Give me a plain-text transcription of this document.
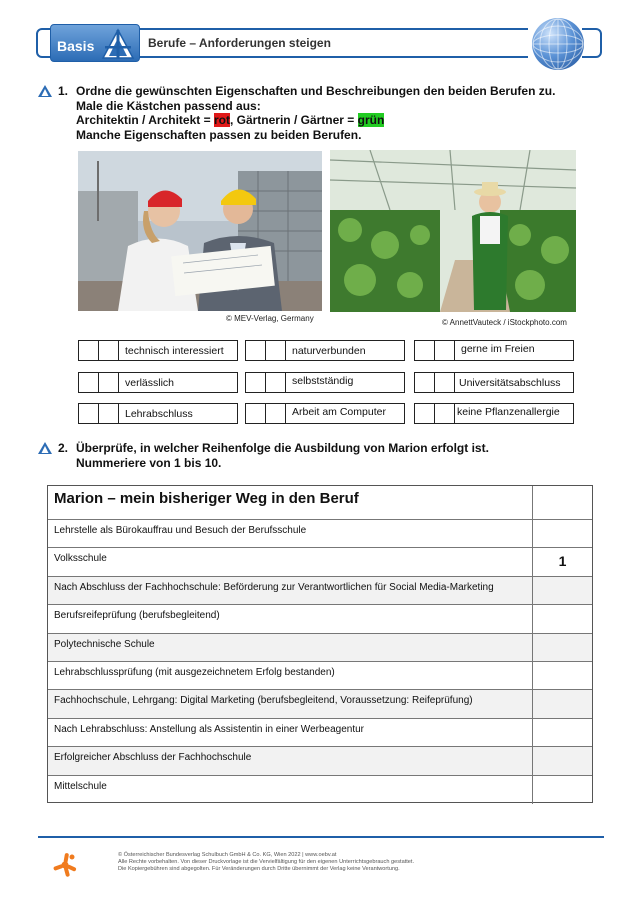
Basis	Berufe – Anforderungen steigen
1. Ordne die gewünschten Eigenschaften und Beschreibungen den beiden Berufen zu.
Male die Kästchen passend aus:
Architektin / Architekt = rot, Gärtnerin / Gärtner = grün
Manche Eigenschaften passen zu beiden Berufen.
© MEV-Verlag, Germany	© AnnettVauteck / iStockphoto.com
technisch interessiert	naturverbunden	gerne im Freien
verlässlich	selbstständig	Universitätsabschluss
Lehrabschluss	Arbeit am Computer	keine Pflanzenallergie
2. Überprüfe, in welcher Reihenfolge die Ausbildung von Marion erfolgt ist.
Nummeriere von 1 bis 10.
Marion – mein bisheriger Weg in den Beruf
Lehrstelle als Bürokauffrau und Besuch der Berufsschule
Volksschule	1
Nach Abschluss der Fachhochschule: Beförderung zur Verantwortlichen für Social Media-Marketing
Berufsreifeprüfung (berufsbegleitend)
Polytechnische Schule
Lehrabschlussprüfung (mit ausgezeichnetem Erfolg bestanden)
Fachhochschule, Lehrgang: Digital Marketing (berufsbegleitend, Voraussetzung: Reifeprüfung)
Nach Lehrabschluss: Anstellung als Assistentin in einer Werbeagentur
Erfolgreicher Abschluss der Fachhochschule
Mittelschule
© Österreichischer Bundesverlag Schulbuch GmbH & Co. KG, Wien 2022 | www.oebv.at
Alle Rechte vorbehalten. Von dieser Druckvorlage ist die Vervielfältigung für den eigenen Unterrichtsgebrauch gestattet.
Die Kopiergebühren sind abgegolten. Für Veränderungen durch Dritte übernimmt der Verlag keine Verantwortung.
